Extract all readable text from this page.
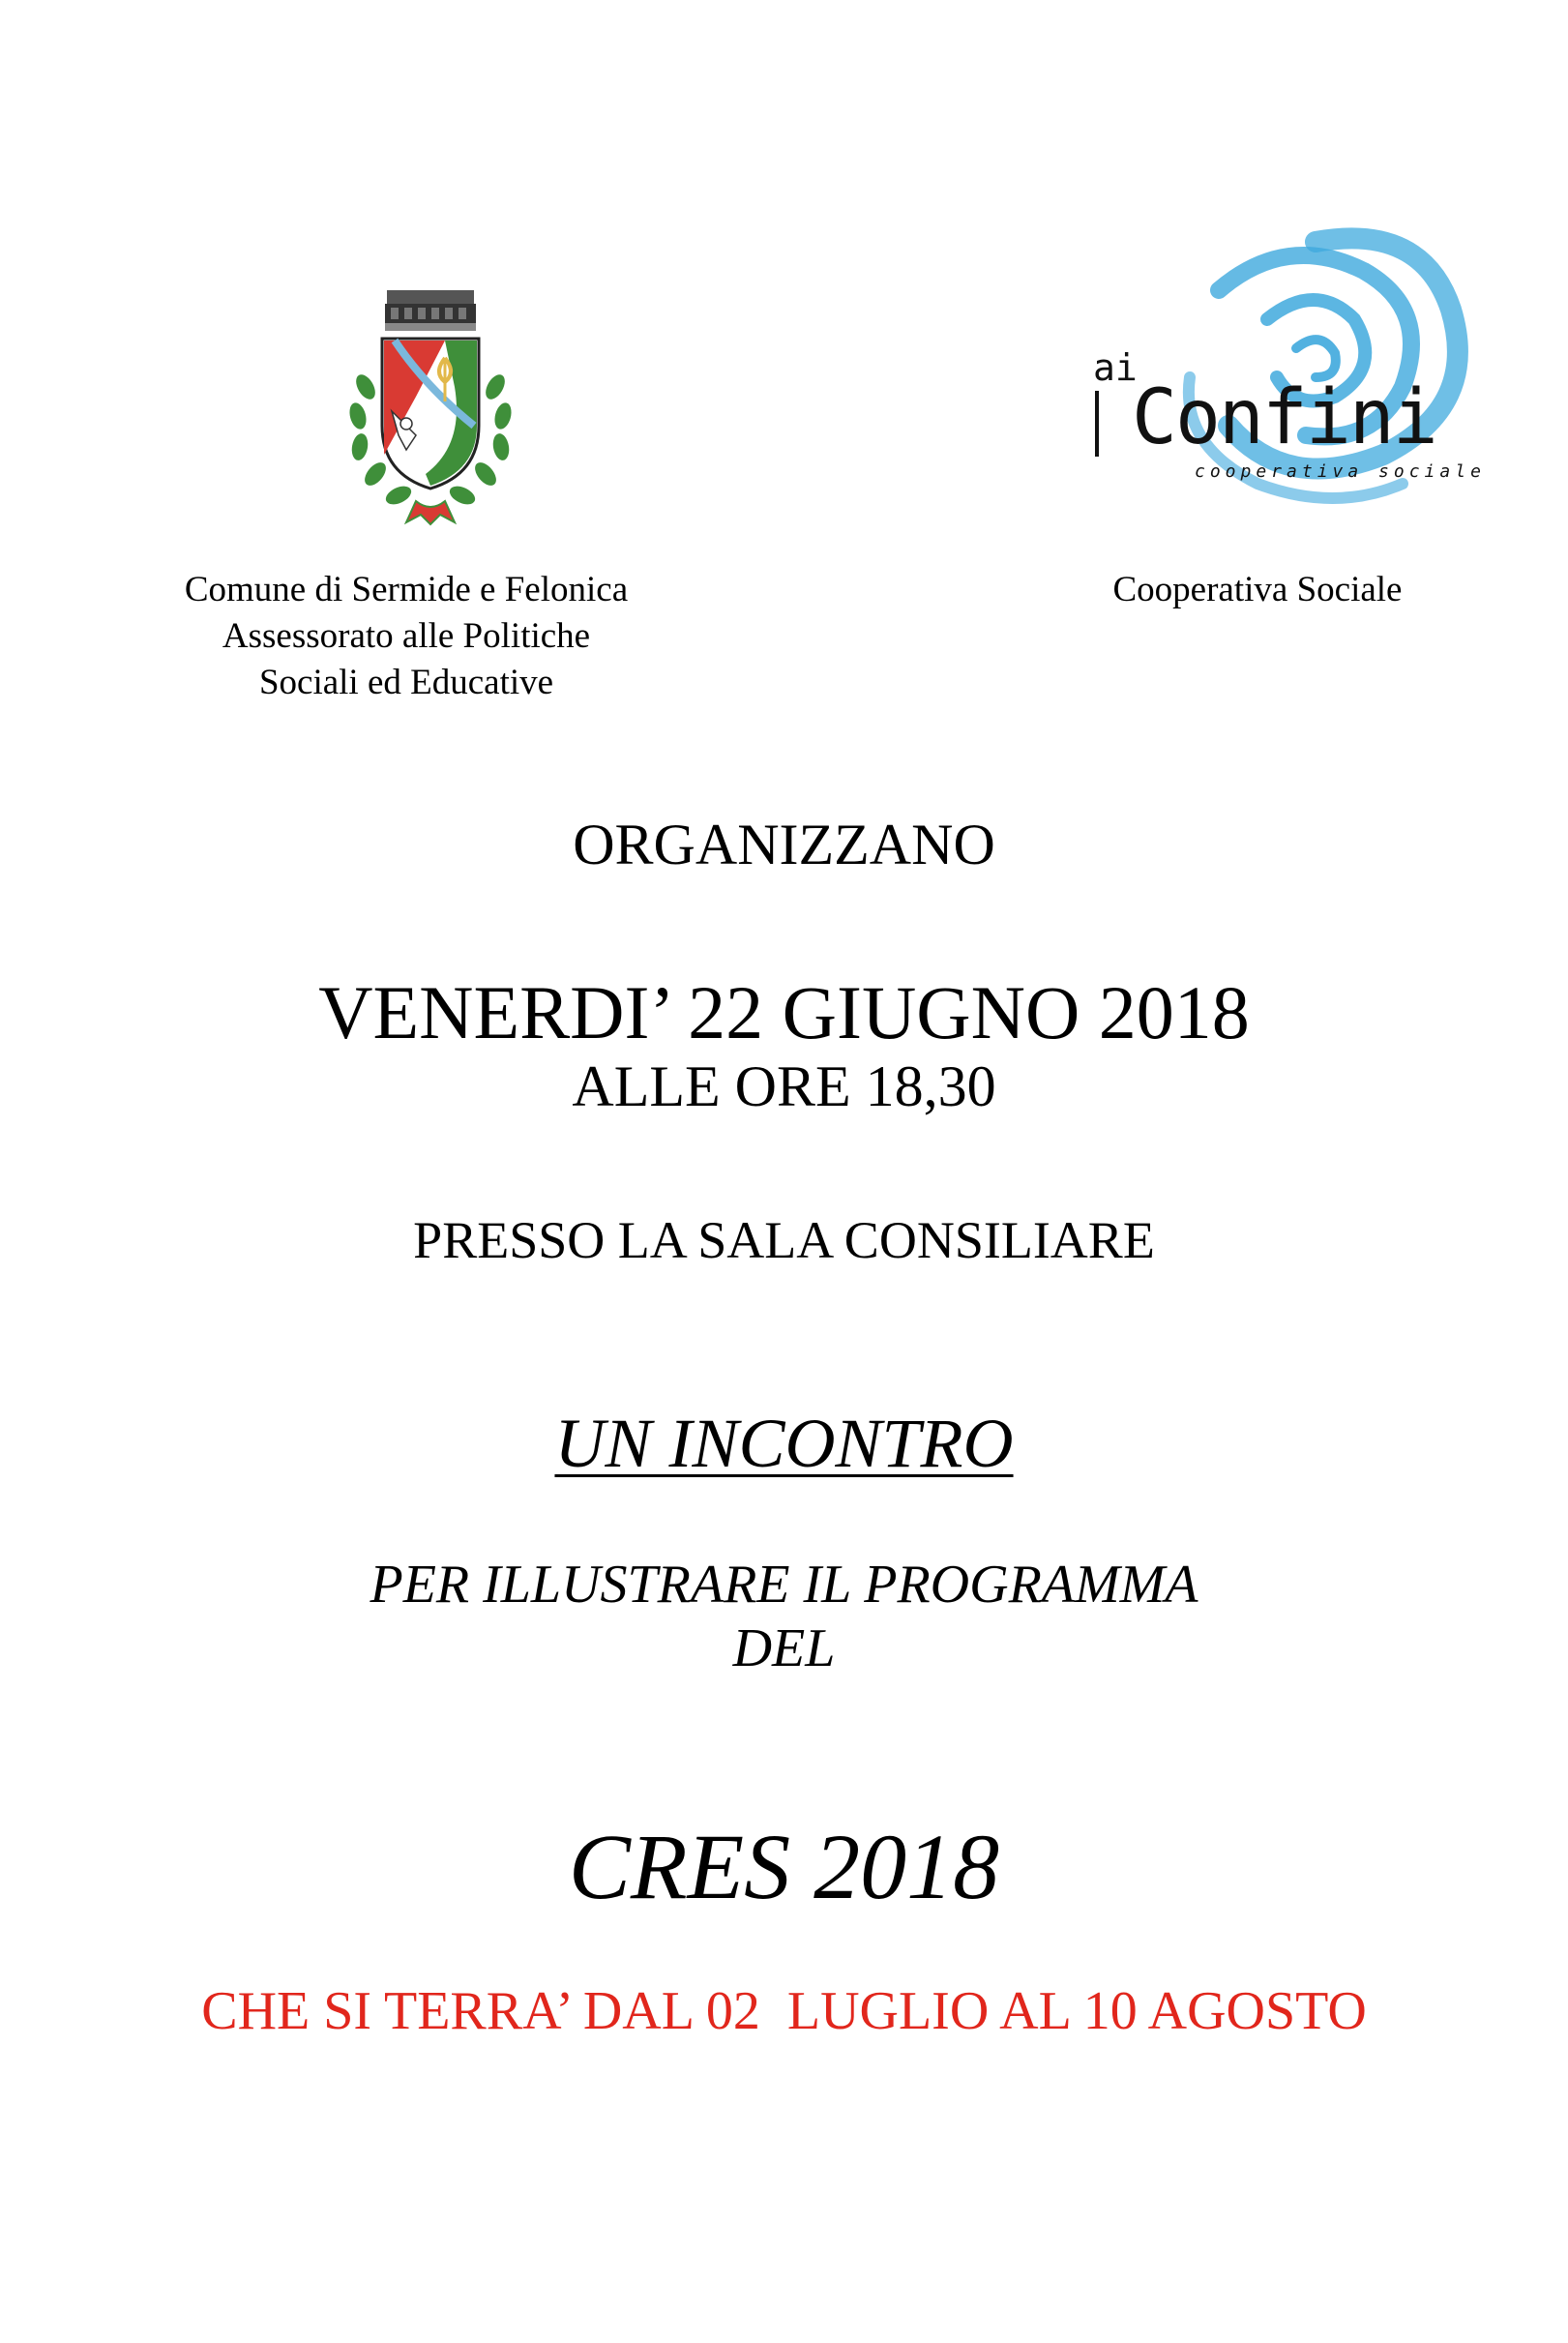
ai
Confini
cooperativa sociale
Comune di Sermide e Felonica
Assessorato alle Politiche
Sociali ed Educative
Cooperativa Sociale
ORGANIZZANO
VENERDI’ 22 GIUGNO 2018
ALLE ORE 18,30
PRESSO LA SALA CONSILIARE
UN INCONTRO
PER ILLUSTRARE IL PROGRAMMA
DEL
CRES 2018
CHE SI TERRA’ DAL 02  LUGLIO AL 10 AGOSTO
